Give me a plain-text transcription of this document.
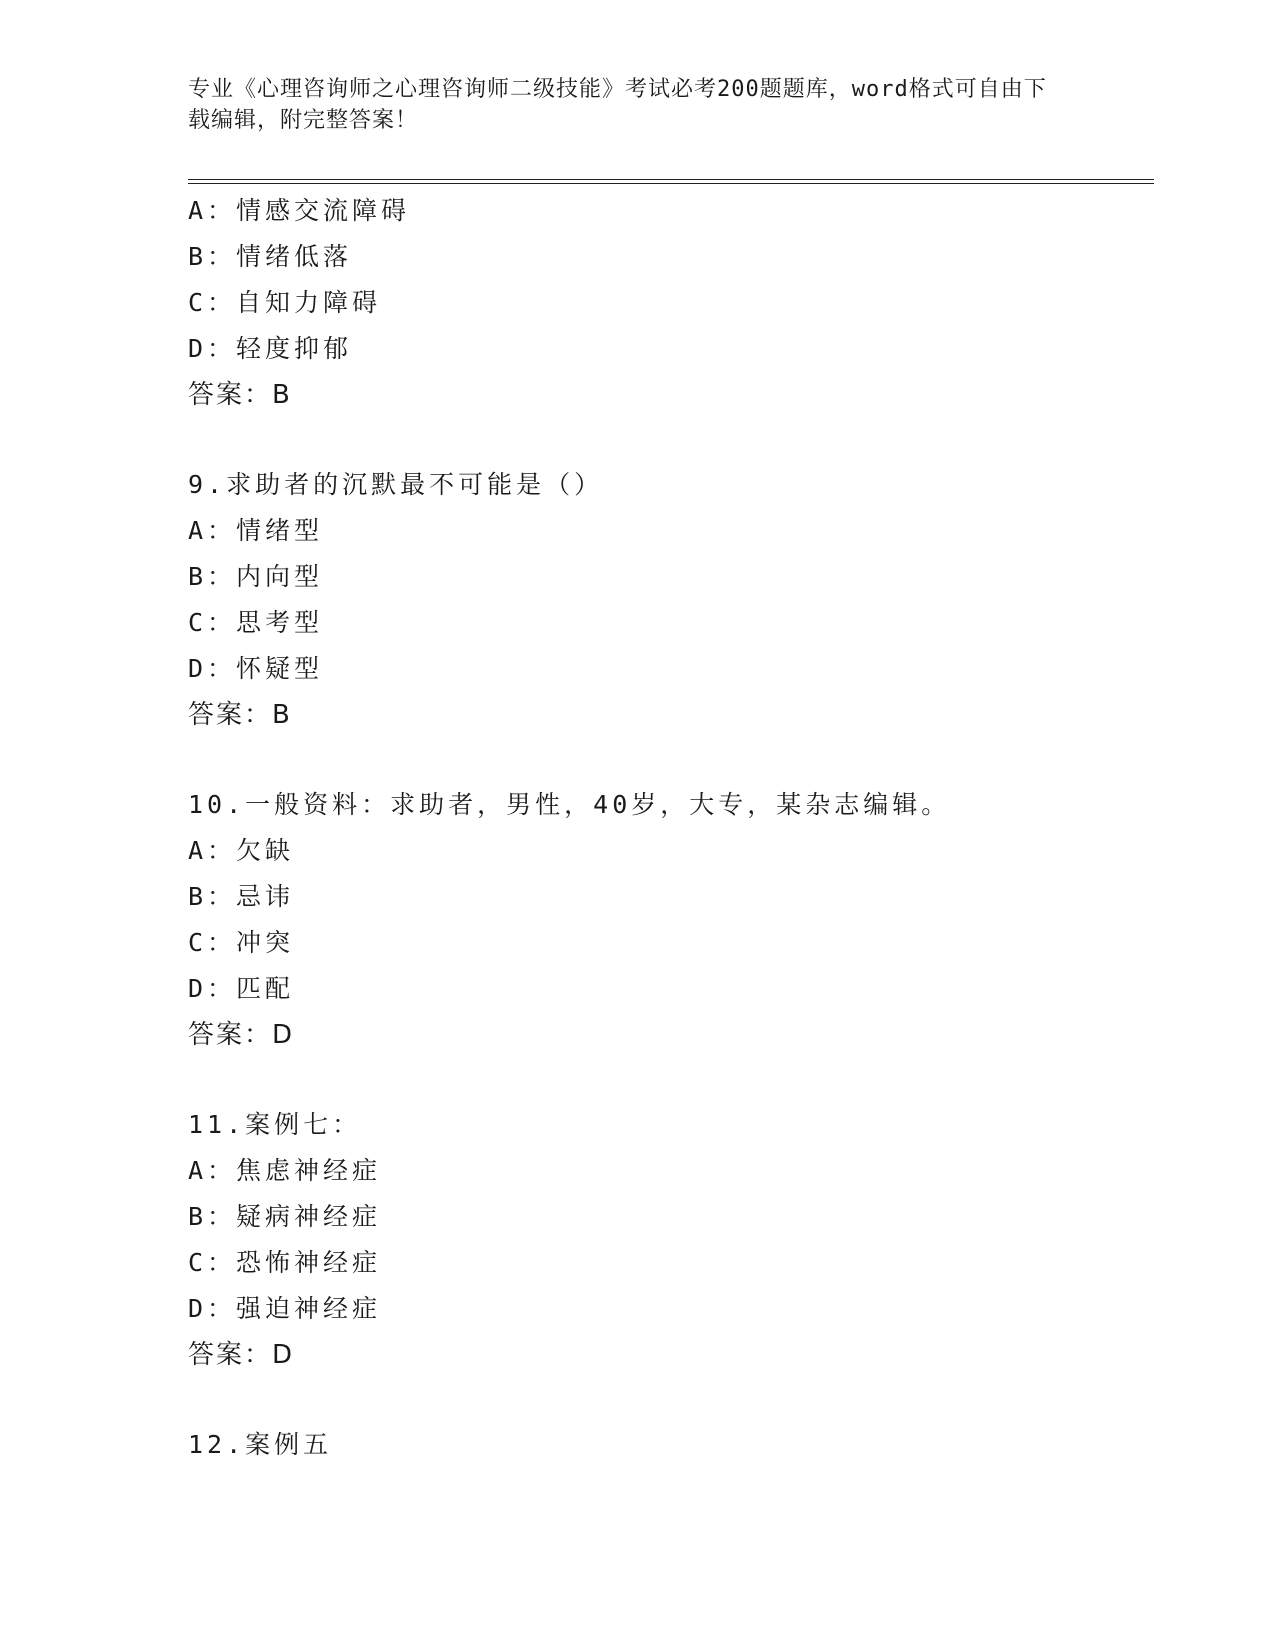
专业《心理咨询师之心理咨询师二级技能》考试必考200题题库，word格式可自由下载编辑，附完整答案！
A：情感交流障碍
B：情绪低落
C：自知力障碍
D：轻度抑郁
答案：B
9.求助者的沉默最不可能是（）
A：情绪型
B：内向型
C：思考型
D：怀疑型
答案：B
10.一般资料：求助者，男性，40岁，大专，某杂志编辑。
A：欠缺
B：忌讳
C：冲突
D：匹配
答案：D
11.案例七：
A：焦虑神经症
B：疑病神经症
C：恐怖神经症
D：强迫神经症
答案：D
12.案例五
